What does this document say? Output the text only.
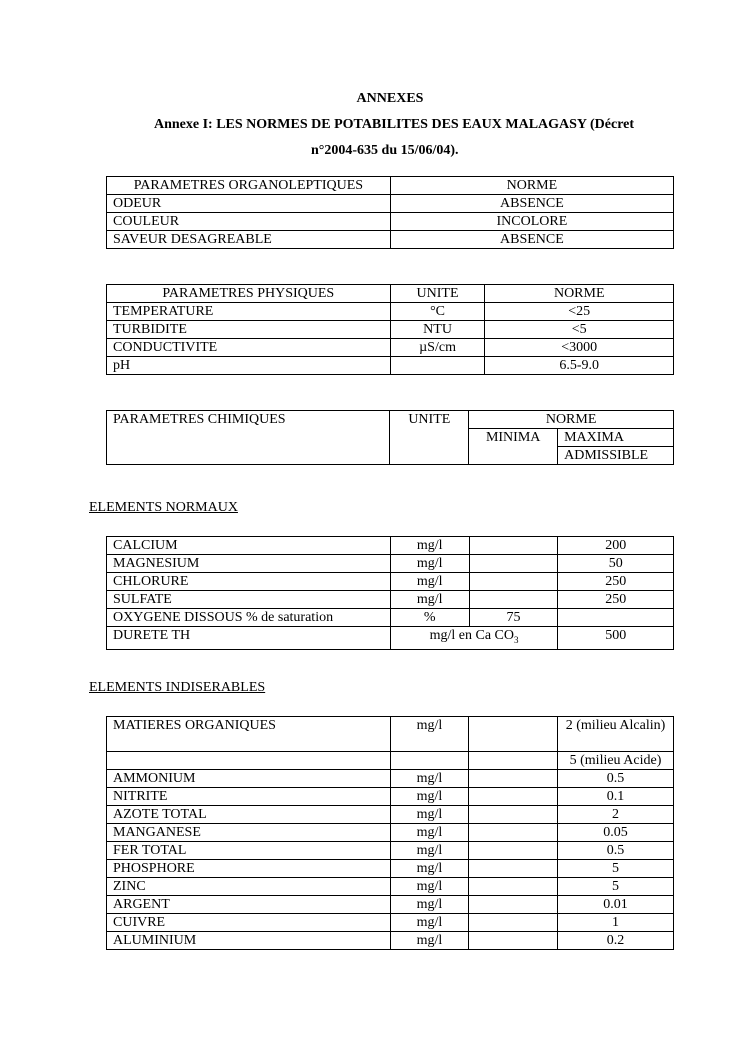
ANNEXES
Annexe I: LES NORMES DE POTABILITES DES EAUX MALAGASY (Décret
n°2004-635 du 15/06/04).
PARAMETRES ORGANOLEPTIQUES	NORME
ODEUR	ABSENCE
COULEUR	INCOLORE
SAVEUR DESAGREABLE	ABSENCE
PARAMETRES PHYSIQUES	UNITE	NORME
TEMPERATURE	°C	<25
TURBIDITE	NTU	<5
CONDUCTIVITE	µS/cm	<3000
pH		6.5-9.0
PARAMETRES CHIMIQUES	UNITE	NORME	
		MINIMA	MAXIMA
			ADMISSIBLE
ELEMENTS NORMAUX
CALCIUM	mg/l		200
MAGNESIUM	mg/l		50
CHLORURE	mg/l		250
SULFATE	mg/l		250
OXYGENE DISSOUS % de saturation	%	75	
DURETE TH	mg/l en Ca $CO_3$		500
ELEMENTS INDISERABLES
MATIERES ORGANIQUES	mg/l		2 (milieu Alcalin)
			5 (milieu Acide)
AMMONIUM	mg/l		0.5
NITRITE	mg/l		0.1
AZOTE TOTAL	mg/l		2
MANGANESE	mg/l		0.05
FER TOTAL	mg/l		0.5
PHOSPHORE	mg/l		5
ZINC	mg/l		5
ARGENT	mg/l		0.01
CUIVRE	mg/l		1
ALUMINIUM	mg/l		0.2
